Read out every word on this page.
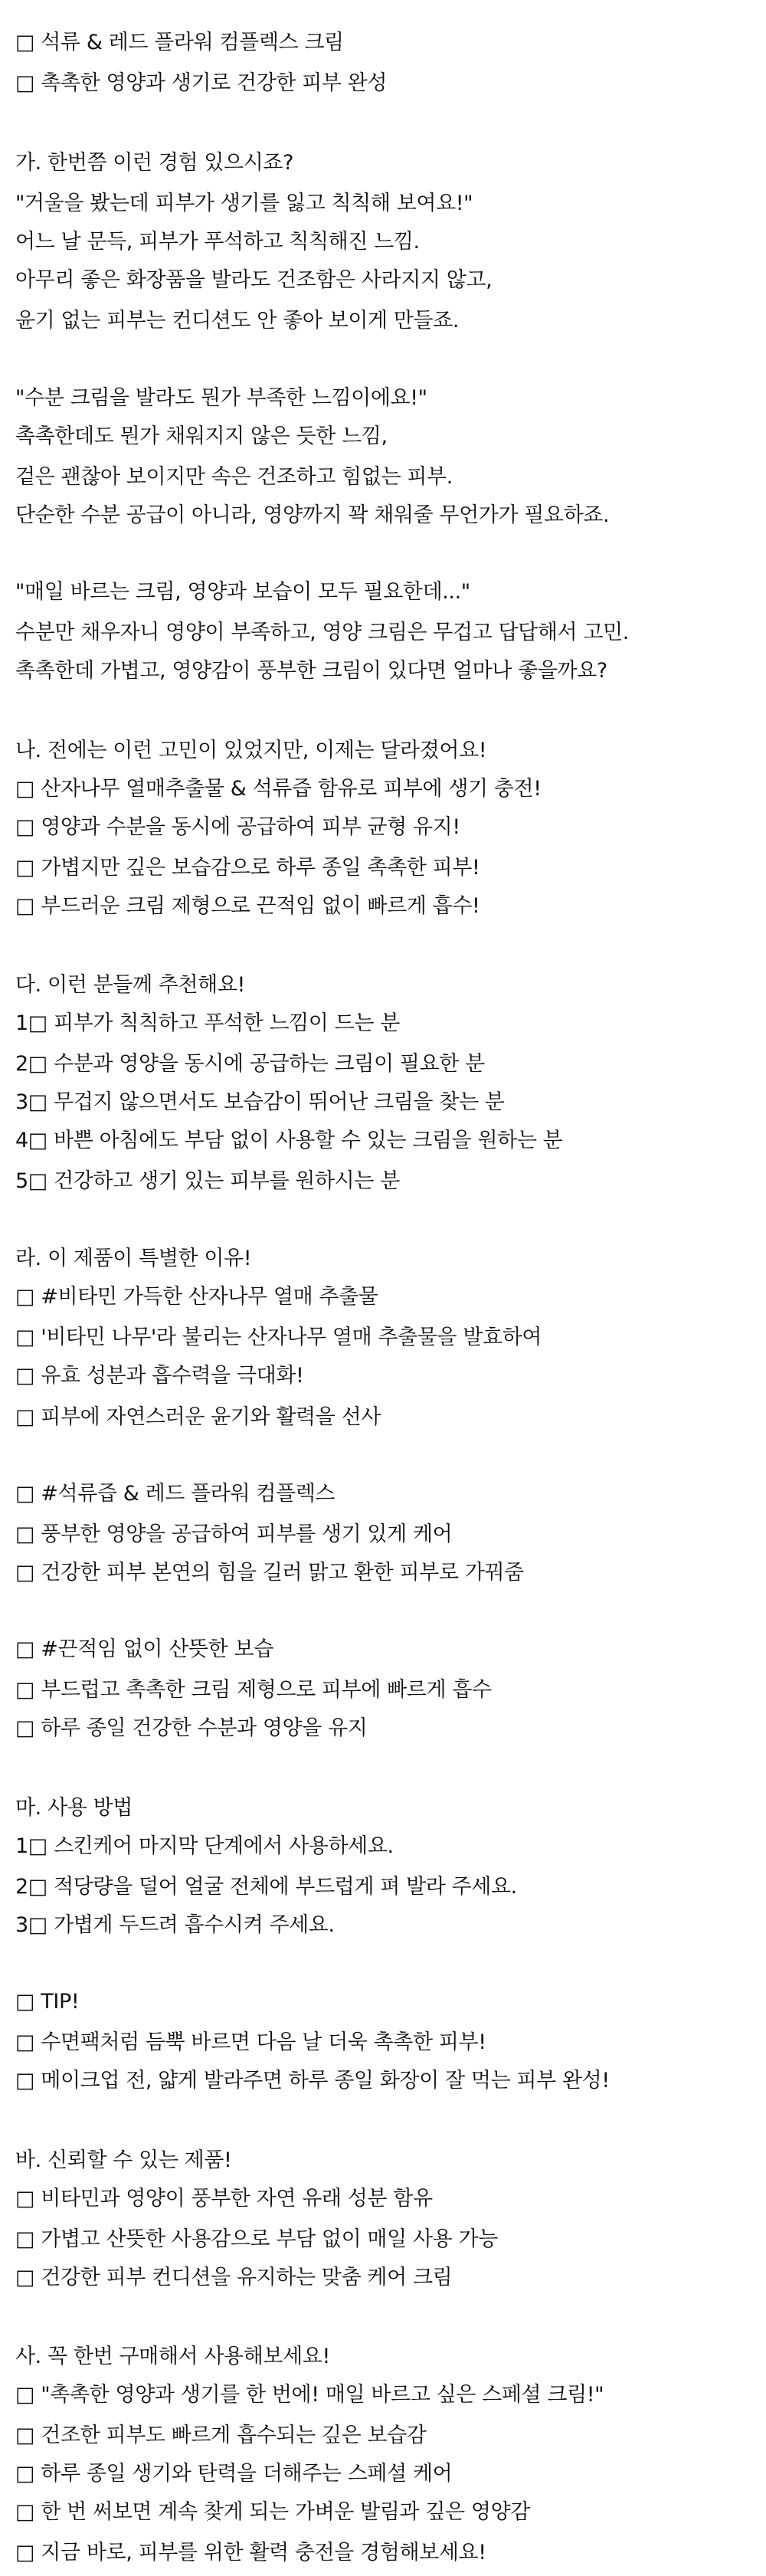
□ 석류 & 레드 플라워 컴플렉스 크림
□ 촉촉한 영양과 생기로 건강한 피부 완성
가. 한번쯤 이런 경험 있으시죠?
"거울을 봤는데 피부가 생기를 잃고 칙칙해 보여요!"
어느 날 문득, 피부가 푸석하고 칙칙해진 느낌.
아무리 좋은 화장품을 발라도 건조함은 사라지지 않고,
윤기 없는 피부는 컨디션도 안 좋아 보이게 만들죠.
"수분 크림을 발라도 뭔가 부족한 느낌이에요!"
촉촉한데도 뭔가 채워지지 않은 듯한 느낌,
겉은 괜찮아 보이지만 속은 건조하고 힘없는 피부.
단순한 수분 공급이 아니라, 영양까지 꽉 채워줄 무언가가 필요하죠.
"매일 바르는 크림, 영양과 보습이 모두 필요한데..."
수분만 채우자니 영양이 부족하고, 영양 크림은 무겁고 답답해서 고민.
촉촉한데 가볍고, 영양감이 풍부한 크림이 있다면 얼마나 좋을까요?
나. 전에는 이런 고민이 있었지만, 이제는 달라졌어요!
□ 산자나무 열매추출물 & 석류즙 함유로 피부에 생기 충전!
□ 영양과 수분을 동시에 공급하여 피부 균형 유지!
□ 가볍지만 깊은 보습감으로 하루 종일 촉촉한 피부!
□ 부드러운 크림 제형으로 끈적임 없이 빠르게 흡수!
다. 이런 분들께 추천해요!
1□ 피부가 칙칙하고 푸석한 느낌이 드는 분
2□ 수분과 영양을 동시에 공급하는 크림이 필요한 분
3□ 무겁지 않으면서도 보습감이 뛰어난 크림을 찾는 분
4□ 바쁜 아침에도 부담 없이 사용할 수 있는 크림을 원하는 분
5□ 건강하고 생기 있는 피부를 원하시는 분
라. 이 제품이 특별한 이유!
□ #비타민 가득한 산자나무 열매 추출물
□ '비타민 나무'라 불리는 산자나무 열매 추출물을 발효하여
□ 유효 성분과 흡수력을 극대화!
□ 피부에 자연스러운 윤기와 활력을 선사
□ #석류즙 & 레드 플라워 컴플렉스
□ 풍부한 영양을 공급하여 피부를 생기 있게 케어
□ 건강한 피부 본연의 힘을 길러 맑고 환한 피부로 가꿔줌
□ #끈적임 없이 산뜻한 보습
□ 부드럽고 촉촉한 크림 제형으로 피부에 빠르게 흡수
□ 하루 종일 건강한 수분과 영양을 유지
마. 사용 방법
1□ 스킨케어 마지막 단계에서 사용하세요.
2□ 적당량을 덜어 얼굴 전체에 부드럽게 펴 발라 주세요.
3□ 가볍게 두드려 흡수시켜 주세요.
□ TIP!
□ 수면팩처럼 듬뿍 바르면 다음 날 더욱 촉촉한 피부!
□ 메이크업 전, 얇게 발라주면 하루 종일 화장이 잘 먹는 피부 완성!
바. 신뢰할 수 있는 제품!
□ 비타민과 영양이 풍부한 자연 유래 성분 함유
□ 가볍고 산뜻한 사용감으로 부담 없이 매일 사용 가능
□ 건강한 피부 컨디션을 유지하는 맞춤 케어 크림
사. 꼭 한번 구매해서 사용해보세요!
□ "촉촉한 영양과 생기를 한 번에! 매일 바르고 싶은 스페셜 크림!"
□ 건조한 피부도 빠르게 흡수되는 깊은 보습감
□ 하루 종일 생기와 탄력을 더해주는 스페셜 케어
□ 한 번 써보면 계속 찾게 되는 가벼운 발림과 깊은 영양감
□ 지금 바로, 피부를 위한 활력 충전을 경험해보세요!
